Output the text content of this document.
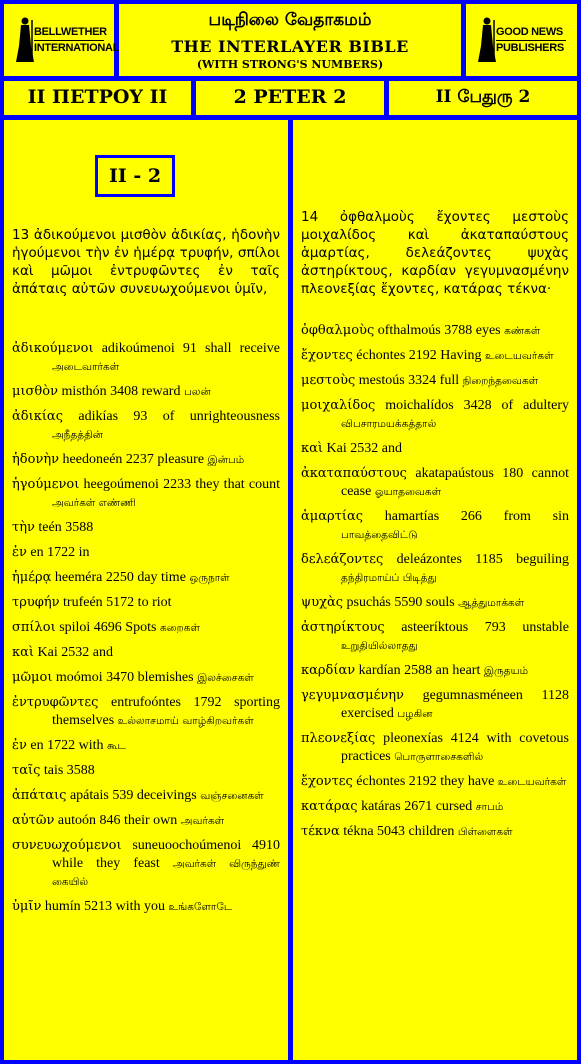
BELLWETHER
INTERNATIONAL
படிநிலை வேதாகமம்
THE INTERLAYER BIBLE
(WITH STRONG'S NUMBERS)
GOOD NEWS
PUBLISHERS
II ΠΕΤΡΟΥ II	2 PETER 2	II பேதுரு 2
II - 2
13 ἀδικούμενοι μισθὸν ἀδικίας, ἡδονὴν ἡγούμενοι τὴν ἐν ἡμέρᾳ τρυφήν, σπίλοι καὶ μῶμοι ἐντρυφῶντες ἐν ταῖς ἀπάταις αὐτῶν συνευωχούμενοι ὑμῖν,
ἀδικούμενοι adikoúmenoi 91 shall receive அடைவார்கள்
μισθὸν misthón 3408 reward பலன்
ἀδικίας adikías 93 of unrighteousness அநீதத்தின்
ἡδονὴν heedoneén 2237 pleasure இன்பம்
ἡγούμενοι heegoúmenoi 2233 they that count அவர்கள் எண்ணி
τὴν teén 3588
ἐν en 1722 in
ἡμέρᾳ heeméra 2250 day time ஒருநாள்
τρυφήν trufeén 5172 to riot
σπίλοι spiloi 4696 Spots கறைகள்
καὶ Kai 2532 and
μῶμοι moómoi 3470 blemishes இலச்சைகள்
ἐντρυφῶντες entrufoóntes 1792 sporting themselves உல்லாசமாய் வாழ்கிறவர்கள்
ἐν en 1722 with கூட
ταῖς tais 3588
ἀπάταις apátais 539 deceivings வஞ்சனைகள்
αὐτῶν autoón 846 their own அவர்கள்
συνευωχούμενοι suneuoochoúmenoi 4910 while they feast அவர்கள் விருந்துண் கையில்
ὑμῖν humín 5213 with you உங்களோடே
14 ὀφθαλμοὺς ἔχοντες μεστοὺς μοιχαλίδος καὶ ἀκαταπαύστους ἁμαρτίας, δελεάζοντες ψυχὰς ἀστηρίκτους, καρδίαν γεγυμνασμένην πλεονεξίας ἔχοντες, κατάρας τέκνα·
ὀφθαλμοὺς ofthalmoús 3788 eyes கண்கள்
ἔχοντες échontes 2192 Having உடையவர்கள்
μεστοὺς mestoús 3324 full நிறைந்தவைகள்
μοιχαλίδος moichalídos 3428 of adultery விபசாரமயக்கத்தால்
καὶ Kai 2532 and
ἀκαταπαύστους akatapaústous 180 cannot cease ஓயாதவைகள்
ἁμαρτίας hamartías 266 from sin பாவத்தைவிட்டு
δελεάζοντες deleázontes 1185 beguiling தந்திரமாய்ப் பிடித்து
ψυχὰς psuchás 5590 souls ஆத்துமாக்கள்
ἀστηρίκτους asteeríktous 793 unstable உறுதியில்லாதது
καρδίαν kardían 2588 an heart இருதயம்
γεγυμνασμένην gegumnasméneen 1128 exercised பழகின
πλεονεξίας pleonexías 4124 with covetous practices பொருளாசைகளில்
ἔχοντες échontes 2192 they have உடையவர்கள்
κατάρας katáras 2671 cursed சாபம்
τέκνα tékna 5043 children பிள்ளைகள்
